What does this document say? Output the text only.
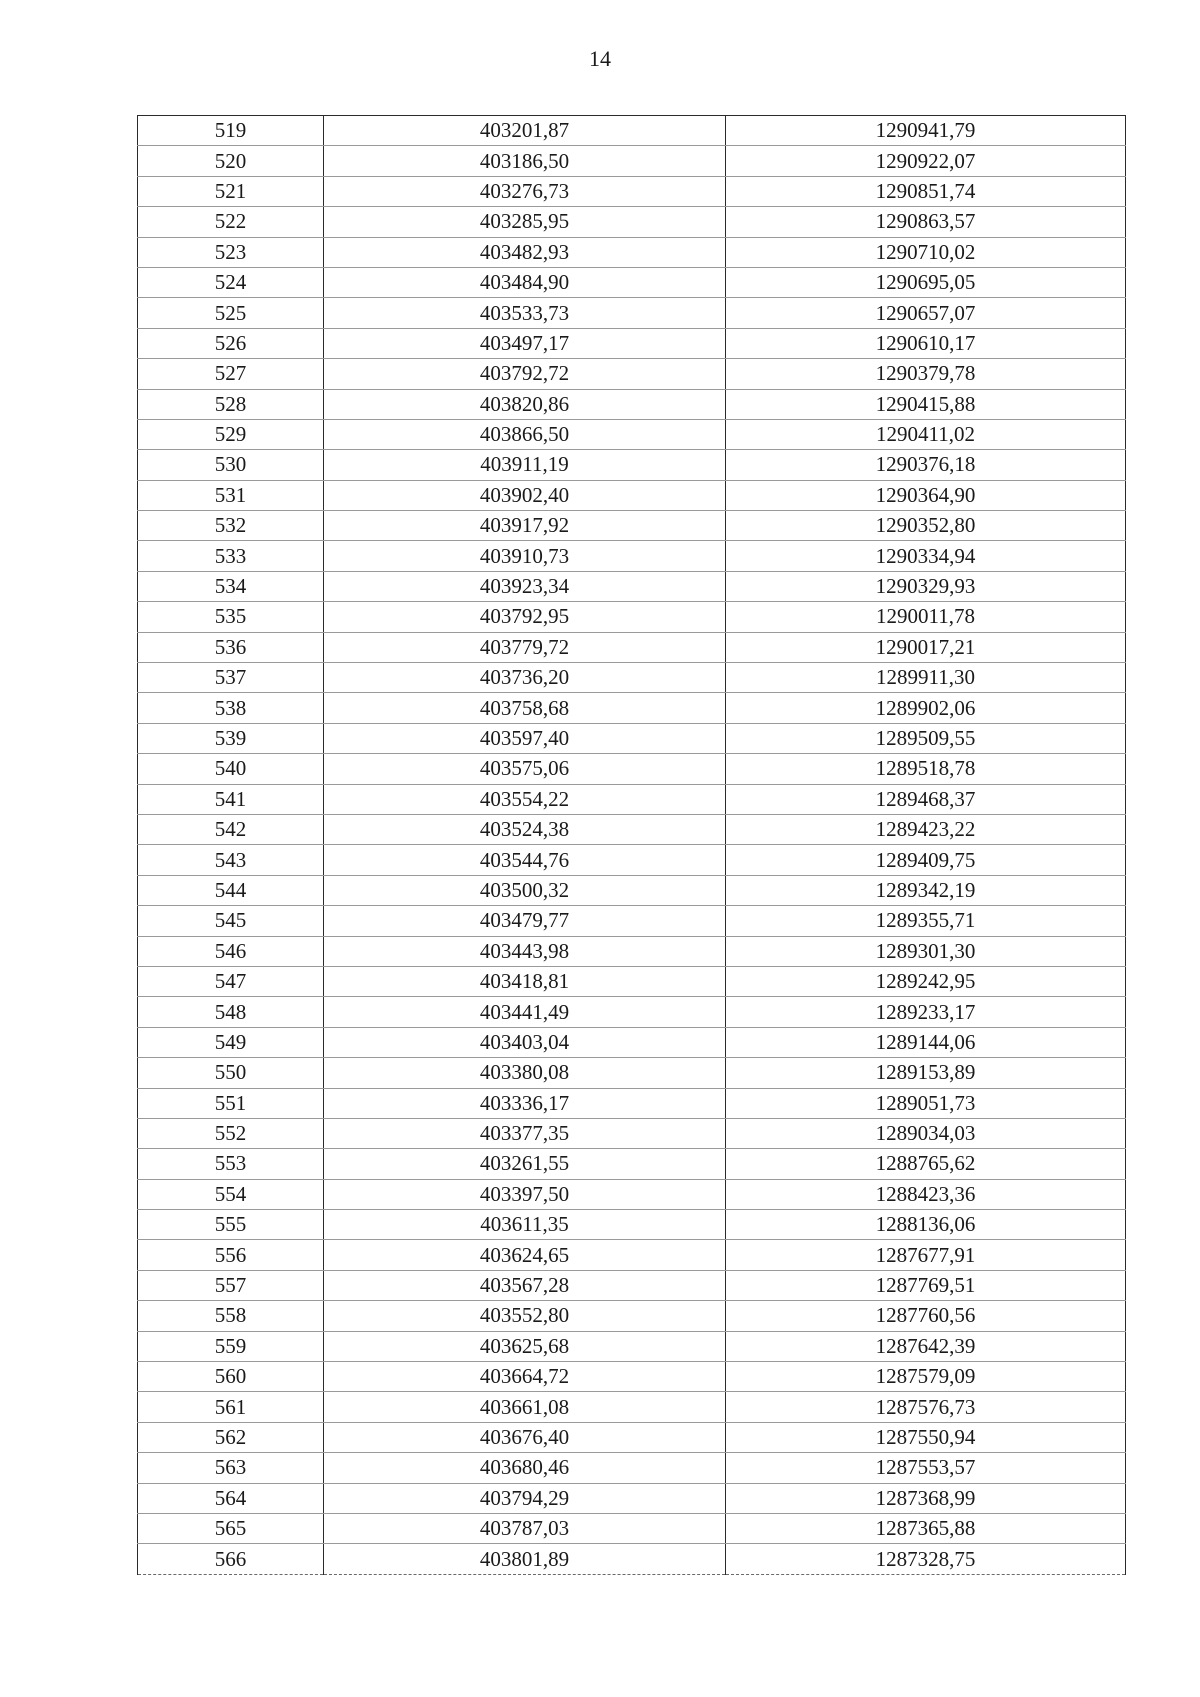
14
519	403201,87	1290941,79
520	403186,50	1290922,07
521	403276,73	1290851,74
522	403285,95	1290863,57
523	403482,93	1290710,02
524	403484,90	1290695,05
525	403533,73	1290657,07
526	403497,17	1290610,17
527	403792,72	1290379,78
528	403820,86	1290415,88
529	403866,50	1290411,02
530	403911,19	1290376,18
531	403902,40	1290364,90
532	403917,92	1290352,80
533	403910,73	1290334,94
534	403923,34	1290329,93
535	403792,95	1290011,78
536	403779,72	1290017,21
537	403736,20	1289911,30
538	403758,68	1289902,06
539	403597,40	1289509,55
540	403575,06	1289518,78
541	403554,22	1289468,37
542	403524,38	1289423,22
543	403544,76	1289409,75
544	403500,32	1289342,19
545	403479,77	1289355,71
546	403443,98	1289301,30
547	403418,81	1289242,95
548	403441,49	1289233,17
549	403403,04	1289144,06
550	403380,08	1289153,89
551	403336,17	1289051,73
552	403377,35	1289034,03
553	403261,55	1288765,62
554	403397,50	1288423,36
555	403611,35	1288136,06
556	403624,65	1287677,91
557	403567,28	1287769,51
558	403552,80	1287760,56
559	403625,68	1287642,39
560	403664,72	1287579,09
561	403661,08	1287576,73
562	403676,40	1287550,94
563	403680,46	1287553,57
564	403794,29	1287368,99
565	403787,03	1287365,88
566	403801,89	1287328,75
